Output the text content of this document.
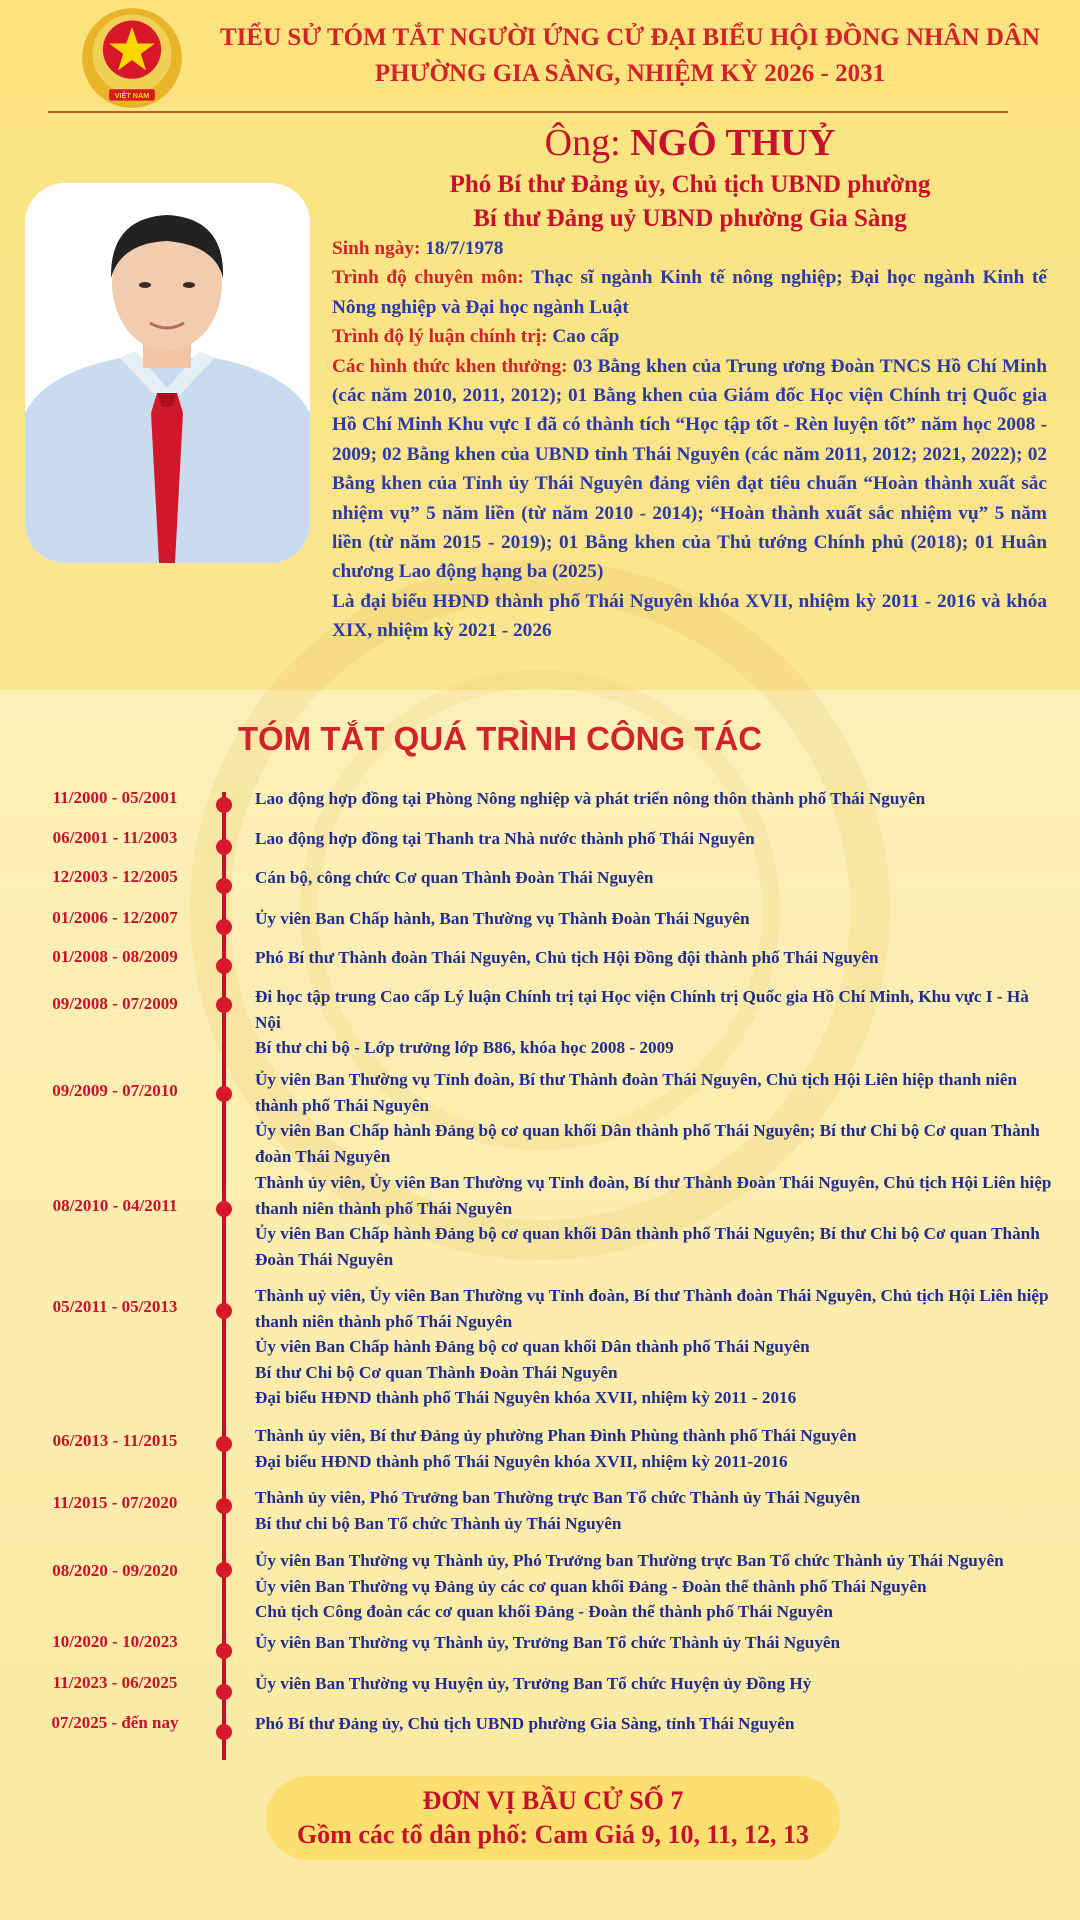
VIỆT NAM
TIỂU SỬ TÓM TẮT NGƯỜI ỨNG CỬ ĐẠI BIỂU HỘI ĐỒNG NHÂN DÂN
PHƯỜNG GIA SÀNG, NHIỆM KỲ 2026 - 2031
Ông: NGÔ THUỶ
Phó Bí thư Đảng ủy, Chủ tịch UBND phường
Bí thư Đảng uỷ UBND phường Gia Sàng

Sinh ngày: 18/7/1978

Trình độ chuyên môn: Thạc sĩ ngành Kinh tế nông nghiệp; Đại học ngành Kinh tế Nông nghiệp và Đại học ngành Luật

Trình độ lý luận chính trị: Cao cấp

Các hình thức khen thưởng: 03 Bằng khen của Trung ương Đoàn TNCS Hồ Chí Minh (các năm 2010, 2011, 2012); 01 Bằng khen của Giám đốc Học viện Chính trị Quốc gia Hồ Chí Minh Khu vực I đã có thành tích “Học tập tốt - Rèn luyện tốt” năm học 2008 - 2009; 02 Bằng khen của UBND tỉnh Thái Nguyên (các năm 2011, 2012; 2021, 2022); 02 Bằng khen của Tỉnh ủy Thái Nguyên đảng viên đạt tiêu chuẩn “Hoàn thành xuất sắc nhiệm vụ” 5 năm liền (từ năm 2010 - 2014); “Hoàn thành xuất sắc nhiệm vụ” 5 năm liền (từ năm 2015 - 2019); 01 Bằng khen của Thủ tướng Chính phủ (2018); 01 Huân chương Lao động hạng ba (2025)

Là đại biểu HĐND thành phố Thái Nguyên khóa XVII, nhiệm kỳ 2011 - 2016 và khóa XIX, nhiệm kỳ 2021 - 2026

TÓM TẮT QUÁ TRÌNH CÔNG TÁC
11/2000 - 05/2001	Lao động hợp đồng tại Phòng Nông nghiệp và phát triển nông thôn thành phố Thái Nguyên
06/2001 - 11/2003	Lao động hợp đồng tại Thanh tra Nhà nước thành phố Thái Nguyên
12/2003 - 12/2005	Cán bộ, công chức Cơ quan Thành Đoàn Thái Nguyên
01/2006 - 12/2007	Ủy viên Ban Chấp hành, Ban Thường vụ Thành Đoàn Thái Nguyên
01/2008 - 08/2009	Phó Bí thư Thành đoàn Thái Nguyên, Chủ tịch Hội Đồng đội thành phố Thái Nguyên
09/2008 - 07/2009	Đi học tập trung Cao cấp Lý luận Chính trị tại Học viện Chính trị Quốc gia Hồ Chí Minh, Khu vực I - Hà Nội
Bí thư chi bộ - Lớp trưởng lớp B86, khóa học 2008 - 2009
09/2009 - 07/2010
Ủy viên Ban Thường vụ Tỉnh đoàn, Bí thư Thành đoàn Thái Nguyên, Chủ tịch Hội Liên hiệp thanh niên thành phố Thái Nguyên
Ủy viên Ban Chấp hành Đảng bộ cơ quan khối Dân thành phố Thái Nguyên; Bí thư Chi bộ Cơ quan Thành đoàn Thái Nguyên
08/2010 - 04/2011
Thành ủy viên, Ủy viên Ban Thường vụ Tỉnh đoàn, Bí thư Thành Đoàn Thái Nguyên, Chủ tịch Hội Liên hiệp thanh niên thành phố Thái Nguyên
Ủy viên Ban Chấp hành Đảng bộ cơ quan khối Dân thành phố Thái Nguyên; Bí thư Chi bộ Cơ quan Thành Đoàn Thái Nguyên
05/2011 - 05/2013
Thành uỷ viên, Ủy viên Ban Thường vụ Tỉnh đoàn, Bí thư Thành đoàn Thái Nguyên, Chủ tịch Hội Liên hiệp thanh niên thành phố Thái Nguyên
Ủy viên Ban Chấp hành Đảng bộ cơ quan khối Dân thành phố Thái Nguyên
Bí thư Chi bộ Cơ quan Thành Đoàn Thái Nguyên
Đại biểu HĐND thành phố Thái Nguyên khóa XVII, nhiệm kỳ 2011 - 2016
06/2013 - 11/2015	Thành ủy viên, Bí thư Đảng ủy phường Phan Đình Phùng thành phố Thái Nguyên
Đại biểu HĐND thành phố Thái Nguyên khóa XVII, nhiệm kỳ 2011-2016
11/2015 - 07/2020	Thành ủy viên, Phó Trưởng ban Thường trực Ban Tổ chức Thành ủy Thái Nguyên
Bí thư chi bộ Ban Tổ chức Thành ủy Thái Nguyên
08/2020 - 09/2020
Ủy viên Ban Thường vụ Thành ủy, Phó Trưởng ban Thường trực Ban Tổ chức Thành ủy Thái Nguyên
Ủy viên Ban Thường vụ Đảng ủy các cơ quan khối Đảng - Đoàn thể thành phố Thái Nguyên
Chủ tịch Công đoàn các cơ quan khối Đảng - Đoàn thể thành phố Thái Nguyên
10/2020 - 10/2023	Ủy viên Ban Thường vụ Thành ủy, Trưởng Ban Tổ chức Thành ủy Thái Nguyên
11/2023 - 06/2025	Ủy viên Ban Thường vụ Huyện ủy, Trưởng Ban Tổ chức Huyện ủy Đồng Hỷ
07/2025 - đến nay	Phó Bí thư Đảng ủy, Chủ tịch UBND phường Gia Sàng, tỉnh Thái Nguyên
ĐƠN VỊ BẦU CỬ SỐ 7
Gồm các tổ dân phố: Cam Giá 9, 10, 11, 12, 13
